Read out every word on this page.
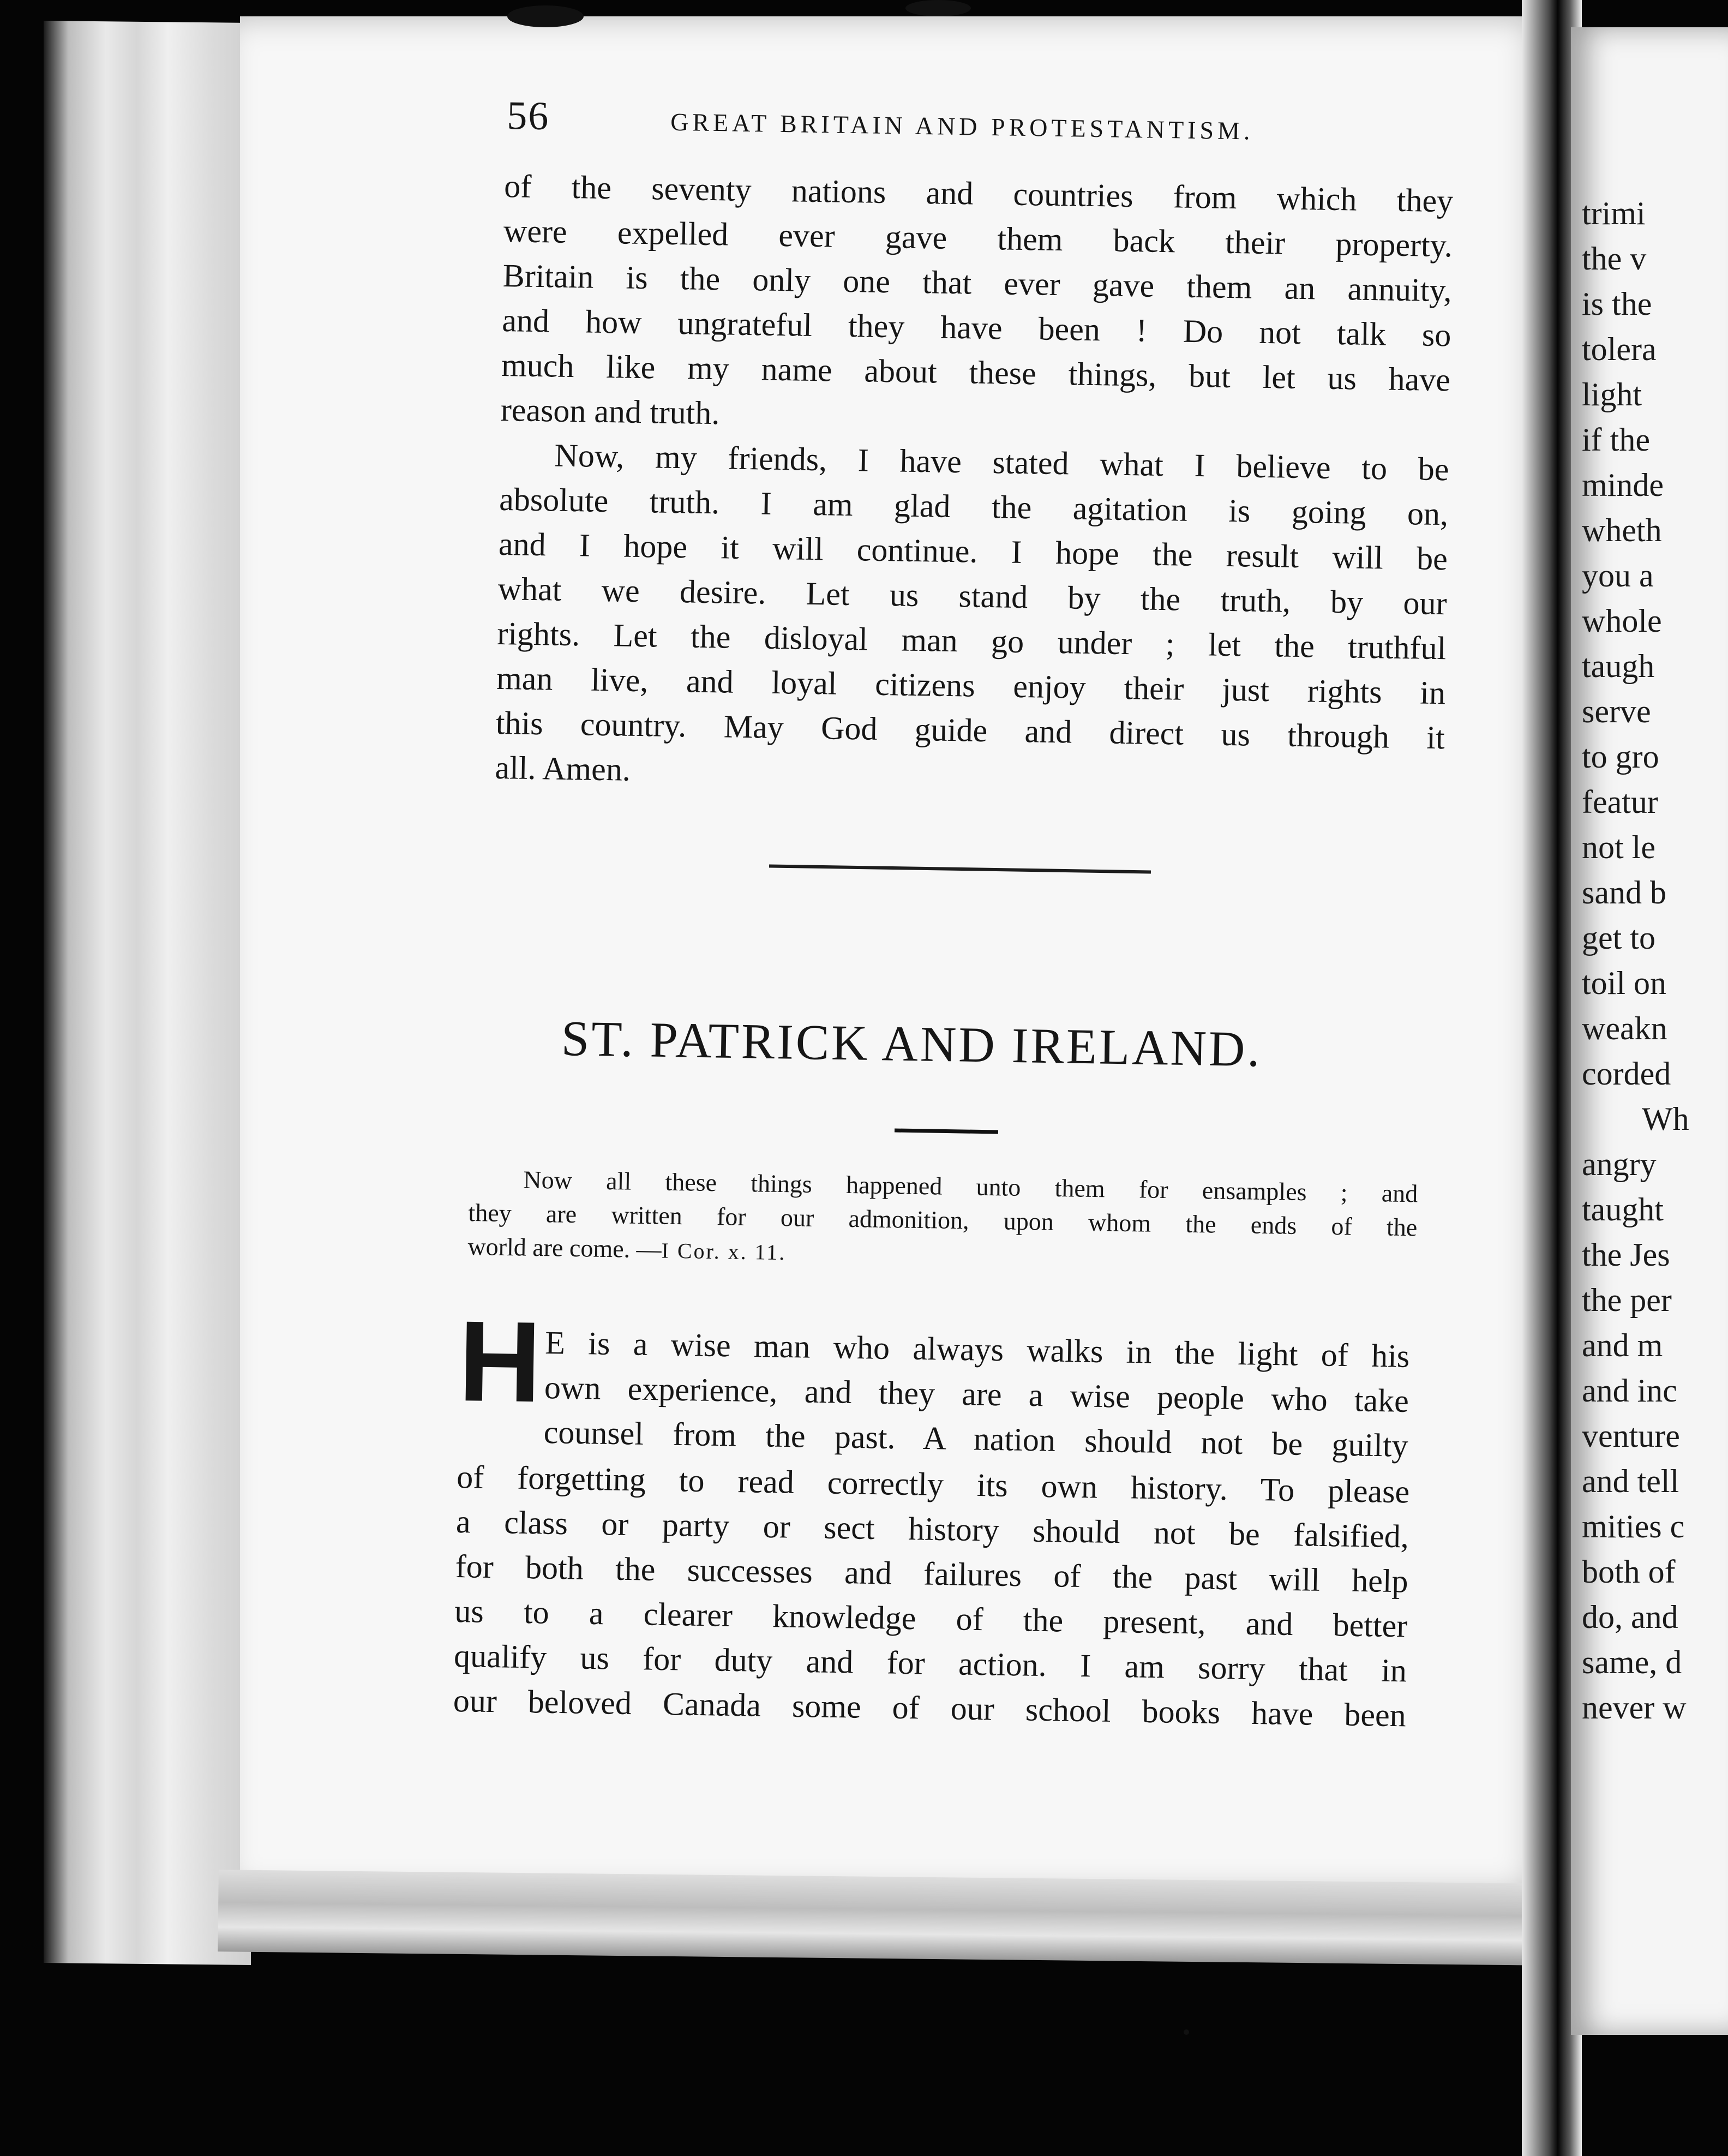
56	GREAT BRITAIN AND PROTESTANTISM.
of the seventy nations and countries from which they
were expelled ever gave them back their property.
Britain is the only one that ever gave them an annuity,
and how ungrateful they have been ! Do not talk so
much like my name about these things, but let us have
reason and truth.
Now, my friends, I have stated what I believe to be
absolute truth. I am glad the agitation is going on,
and I hope it will continue. I hope the result will be
what we desire. Let us stand by the truth, by our
rights. Let the disloyal man go under ; let the truthful
man live, and loyal citizens enjoy their just rights in
this country. May God guide and direct us through it
all. Amen.
ST. PATRICK AND IRELAND.
Now all these things happened unto them for ensamples ; and
they are written for our admonition, upon whom the ends of the
world are come. —I Cor. x. 11.
H E is a wise man who always walks in the light of his
own experience, and they are a wise people who take
counsel from the past. A nation should not be guilty
of forgetting to read correctly its own history. To please
a class or party or sect history should not be falsified,
for both the successes and failures of the past will help
us to a clearer knowledge of the present, and better
qualify us for duty and for action. I am sorry that in
our beloved Canada some of our school books have been
trimi
the v
is the
tolera
light
if the
minde
wheth
you a
whole
taugh
serve
to gro
featur
not le
sand b
get to
toil on
weakn
corded
Wh
angry
taught
the Jes
the per
and m
and inc
venture
and tell
mities c
both of
do, and
same, d
never w
